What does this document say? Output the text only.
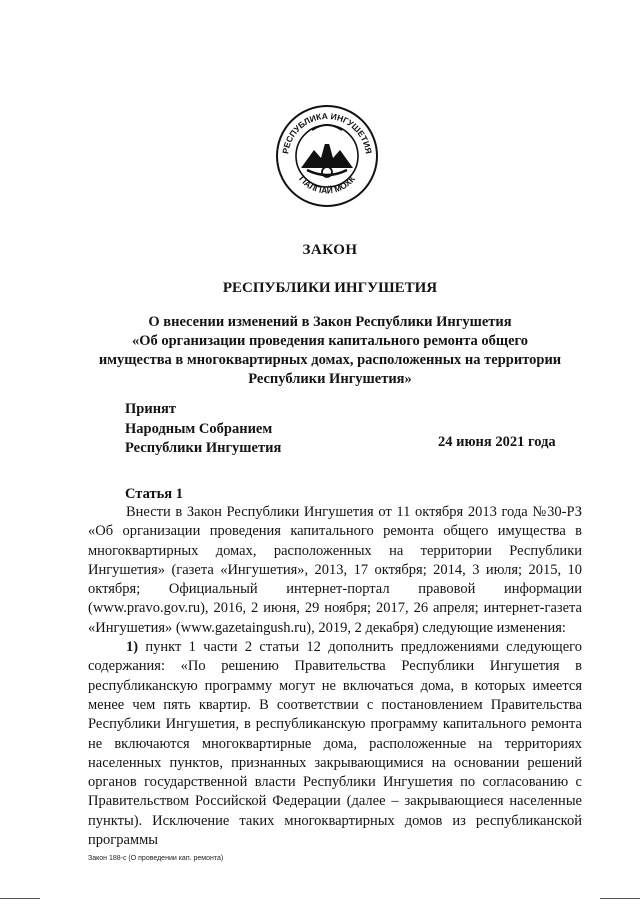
РЕСПУБЛИКА ИНГУШЕТИЯ
ГIАЛГIАЙ МОХК
ЗАКОН
РЕСПУБЛИКИ ИНГУШЕТИЯ
О внесении изменений в Закон Республики Ингушетия
«Об организации проведения капитального ремонта общего
имущества в многоквартирных домах, расположенных на территории
Республики Ингушетия»
Принят
Народным Собранием
Республики Ингушетия	24 июня 2021 года
Статья 1

Внести в Закон Республики Ингушетия от 11 октября 2013 года №30-РЗ «Об организации проведения капитального ремонта общего имущества в многоквартирных домах, расположенных на территории Республики Ингушетия» (газета «Ингушетия», 2013, 17 октября; 2014, 3 июля; 2015, 10 октября; Официальный интернет-портал правовой информации (www.pravo.gov.ru), 2016, 2 июня, 29 ноября; 2017, 26 апреля; интернет-газета «Ингушетия» (www.gazetaingush.ru), 2019, 2 декабря) следующие изменения:

1) пункт 1 части 2 статьи 12 дополнить предложениями следующего содержания: «По решению Правительства Республики Ингушетия в республиканскую программу могут не включаться дома, в которых имеется менее чем пять квартир. В соответствии с постановлением Правительства Республики Ингушетия, в республиканскую программу капитального ремонта не включаются многоквартирные дома, расположенные на территориях населенных пунктов, признанных закрывающимися на основании решений органов государственной власти Республики Ингушетия по согласованию с Правительством Российской Федерации (далее – закрывающиеся населенные пункты). Исключение таких многоквартирных домов из республиканской программы

Закон 188-с (О проведении кап. ремонта)
